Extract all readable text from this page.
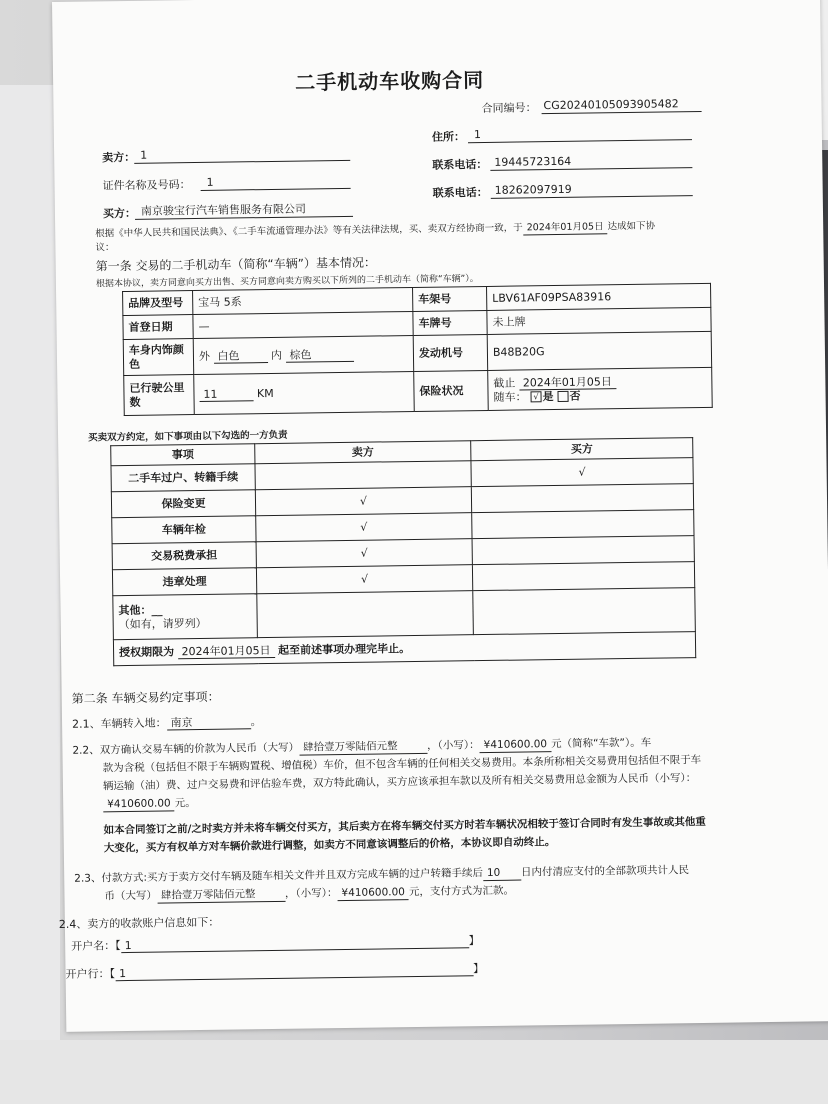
二手机动车收购合同
合同编号： CG20240105093905482
住所： 1
卖方： 1
联系电话： 19445723164
证件名称及号码： 1
联系电话： 18262097919
买方： 南京骏宝行汽车销售服务有限公司
根据《中华人民共和国民法典》、《二手车流通管理办法》等有关法律法规，买、卖双方经协商一致，于 2024年01月05日 达成如下协
议：
第一条 交易的二手机动车（简称“车辆”）基本情况：
根据本协议，卖方同意向买方出售、买方同意向卖方购买以下所列的二手机动车（简称“车辆”）。
品牌及型号	宝马 5系	车架号	LBV61AF09PSA83916
首登日期	—	车牌号	未上牌
车身内饰颜色	外 白色 内 棕色	发动机号	B48B20G
已行驶公里数	11 KM	保险状况	截止 2024年01月05日
随车： √ 是 否
买卖双方约定，如下事项由以下勾选的一方负责
事项	卖方	买方
二手车过户、转籍手续		√
保险变更	√	
车辆年检	√	
交易税费承担	√	
违章处理	√	

其他：__
（如有，请罗列）		

授权期限为 2024年01月05日 起至前述事项办理完毕止。		
第二条 车辆交易约定事项：
2.1、车辆转入地： 南京	。
2.2、双方确认交易车辆的价款为人民币（大写） 肆拾壹万零陆佰元整	，（小写）： ¥410600.00 元（简称“车款”）。车
款为含税（包括但不限于车辆购置税、增值税）车价，但不包含车辆的任何相关交易费用。本条所称相关交易费用包括但不限于车
辆运输（油）费、过户交易费和评估验车费，双方特此确认，买方应该承担车款以及所有相关交易费用总金额为人民币（小写）：
¥410600.00 元。
如本合同签订之前/之时卖方并未将车辆交付买方，其后卖方在将车辆交付买方时若车辆状况相较于签订合同时有发生事故或其他重
大变化，买方有权单方对车辆价款进行调整，如卖方不同意该调整后的价格，本协议即自动终止。
2.3、付款方式:买方于卖方交付车辆及随车相关文件并且双方完成车辆的过户转籍手续后 10 日内付清应支付的全部款项共计人民
币（大写） 肆拾壹万零陆佰元整	，（小写）： ¥410600.00 元，支付方式为汇款。
2.4、卖方的收款账户信息如下：
开户名：【 1	】
开户行：【 1	】
